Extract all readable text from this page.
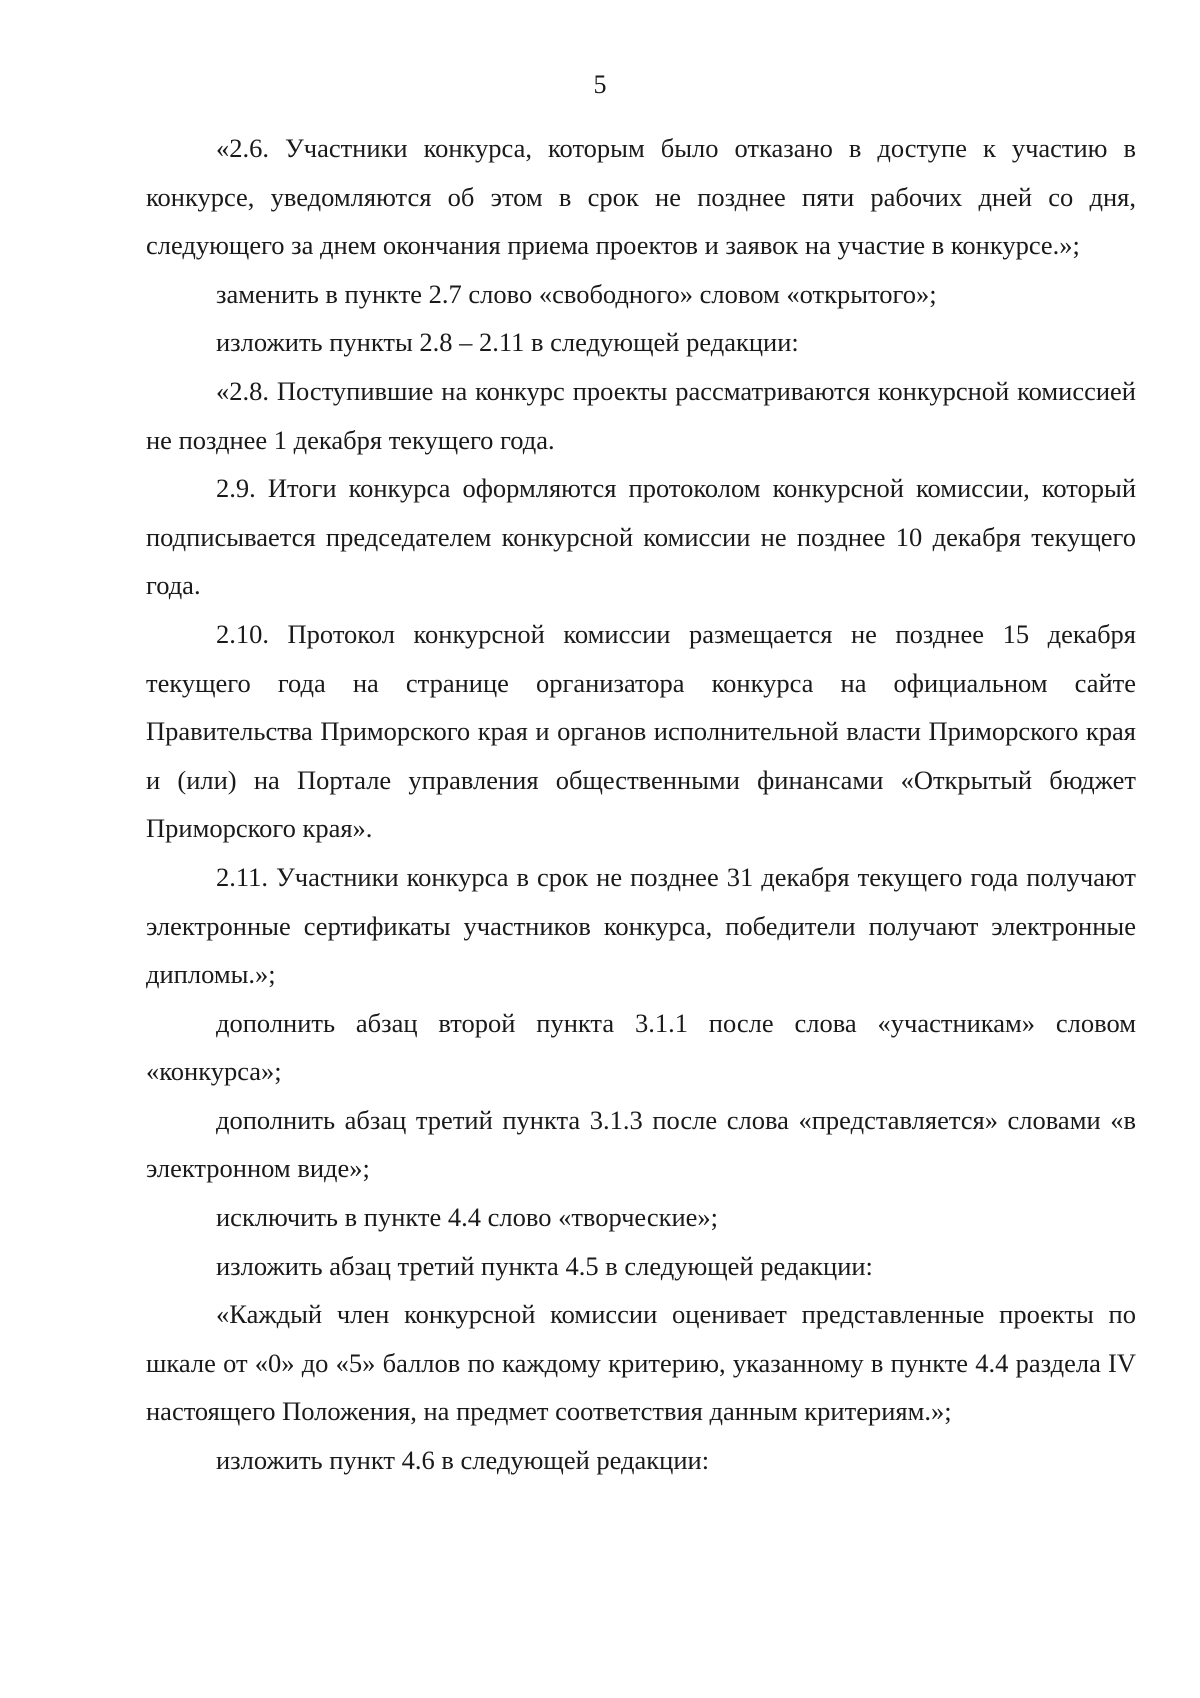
5

«2.6. Участники конкурса, которым было отказано в доступе к участию в конкурсе, уведомляются об этом в срок не позднее пяти рабочих дней со дня, следующего за днем окончания приема проектов и заявок на участие в конкурсе.»;

заменить в пункте 2.7 слово «свободного» словом «открытого»;

изложить пункты 2.8 – 2.11 в следующей редакции:

«2.8. Поступившие на конкурс проекты рассматриваются конкурсной комиссией не позднее 1 декабря текущего года.

2.9. Итоги конкурса оформляются протоколом конкурсной комиссии, который подписывается председателем конкурсной комиссии не позднее 10 декабря текущего года.

2.10. Протокол конкурсной комиссии размещается не позднее 15 декабря текущего года на странице организатора конкурса на официальном сайте Правительства Приморского края и органов исполнительной власти Приморского края и (или) на Портале управления общественными финансами «Открытый бюджет Приморского края».

2.11. Участники конкурса в срок не позднее 31 декабря текущего года получают электронные сертификаты участников конкурса, победители получают электронные дипломы.»;

дополнить абзац второй пункта 3.1.1 после слова «участникам» словом «конкурса»;

дополнить абзац третий пункта 3.1.3 после слова «представляется» словами «в электронном виде»;

исключить в пункте 4.4 слово «творческие»;

изложить абзац третий пункта 4.5 в следующей редакции:

«Каждый член конкурсной комиссии оценивает представленные проекты по шкале от «0» до «5» баллов по каждому критерию, указанному в пункте 4.4 раздела IV настоящего Положения, на предмет соответствия данным критериям.»;

изложить пункт 4.6 в следующей редакции:
